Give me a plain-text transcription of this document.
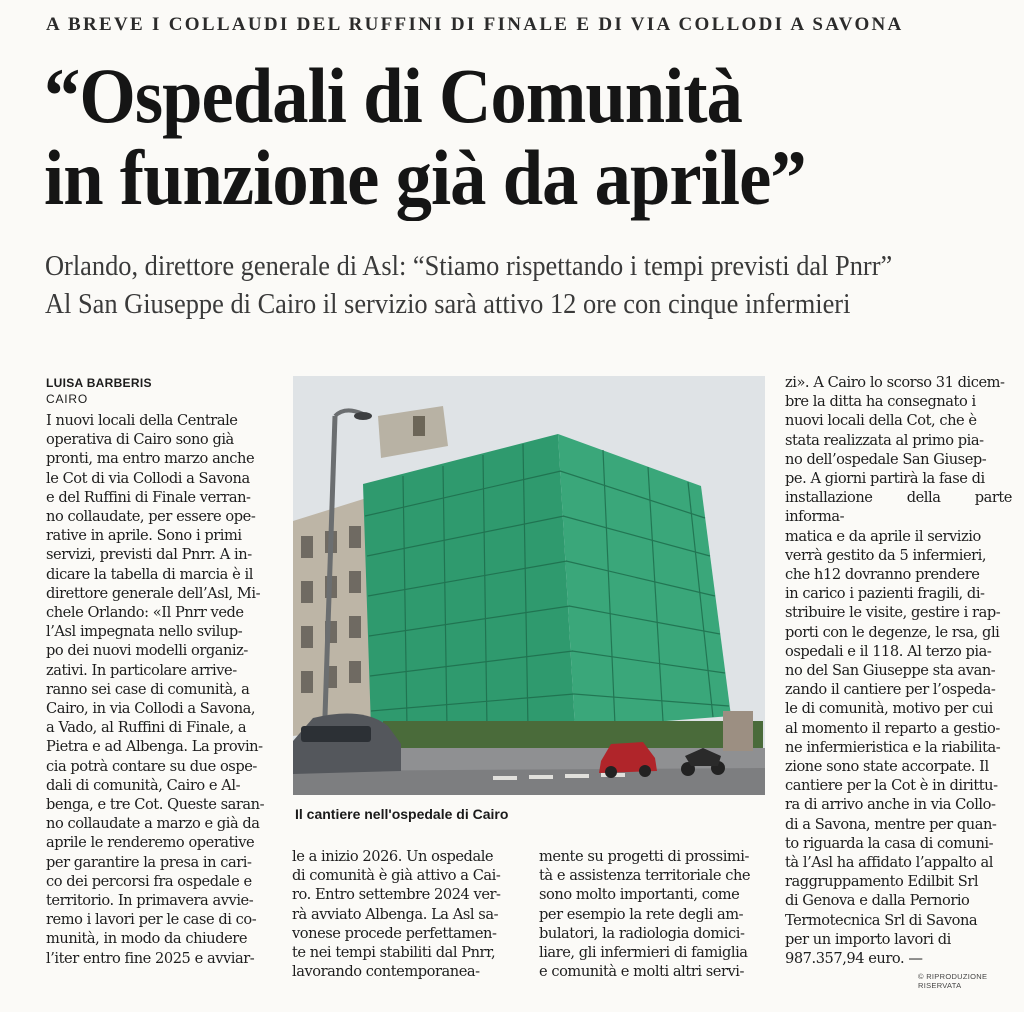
A BREVE I COLLAUDI DEL RUFFINI DI FINALE E DI VIA COLLODI A SAVONA
“Ospedali di Comunità
in funzione già da aprile”
Orlando, direttore generale di Asl: “Stiamo rispettando i tempi previsti dal Pnrr”
Al San Giuseppe di Cairo il servizio sarà attivo 12 ore con cinque infermieri
LUISA BARBERIS
CAIRO
I nuovi locali della Centrale
operativa di Cairo sono già
pronti, ma entro marzo anche
le Cot di via Collodi a Savona
e del Ruffini di Finale verran-
no collaudate, per essere ope-
rative in aprile. Sono i primi
servizi, previsti dal Pnrr. A in-
dicare la tabella di marcia è il
direttore generale dell’Asl, Mi-
chele Orlando: «Il Pnrr vede
l’Asl impegnata nello svilup-
po dei nuovi modelli organiz-
zativi. In particolare arrive-
ranno sei case di comunità, a
Cairo, in via Collodi a Savona,
a Vado, al Ruffini di Finale, a
Pietra e ad Albenga. La provin-
cia potrà contare su due ospe-
dali di comunità, Cairo e Al-
benga, e tre Cot. Queste saran-
no collaudate a marzo e già da
aprile le renderemo operative
per garantire la presa in cari-
co dei percorsi fra ospedale e
territorio. In primavera avvie-
remo i lavori per le case di co-
munità, in modo da chiudere
l’iter entro fine 2025 e avviar-
Il cantiere nell'ospedale di Cairo
le a inizio 2026. Un ospedale
di comunità è già attivo a Cai-
ro. Entro settembre 2024 ver-
rà avviato Albenga. La Asl sa-
vonese procede perfettamen-
te nei tempi stabiliti dal Pnrr,
lavorando contemporanea-
mente su progetti di prossimi-
tà e assistenza territoriale che
sono molto importanti, come
per esempio la rete degli am-
bulatori, la radiologia domici-
liare, gli infermieri di famiglia
e comunità e molti altri servi-
zi». A Cairo lo scorso 31 dicem-
bre la ditta ha consegnato i
nuovi locali della Cot, che è
stata realizzata al primo pia-
no dell’ospedale San Giusep-
pe. A giorni partirà la fase di
installazione della parte informa-
matica e da aprile il servizio
verrà gestito da 5 infermieri,
che h12 dovranno prendere
in carico i pazienti fragili, di-
stribuire le visite, gestire i rap-
porti con le degenze, le rsa, gli
ospedali e il 118. Al terzo pia-
no del San Giuseppe sta avan-
zando il cantiere per l’ospeda-
le di comunità, motivo per cui
al momento il reparto a gestio-
ne infermieristica e la riabilita-
zione sono state accorpate. Il
cantiere per la Cot è in dirittu-
ra di arrivo anche in via Collo-
di a Savona, mentre per quan-
to riguarda la casa di comuni-
tà l’Asl ha affidato l’appalto al
raggruppamento Edilbit Srl
di Genova e dalla Pernorio
Termotecnica Srl di Savona
per un importo lavori di
987.357,94 euro. —
© RIPRODUZIONE RISERVATA
